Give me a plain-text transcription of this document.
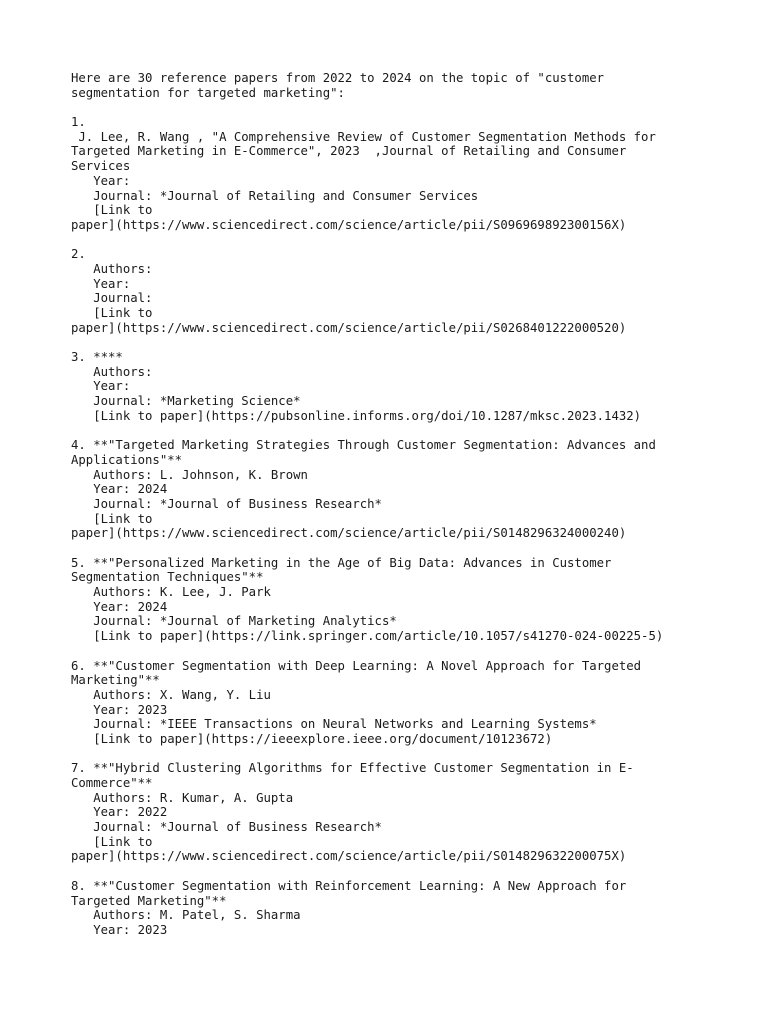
Here are 30 reference papers from 2022 to 2024 on the topic of "customer
segmentation for targeted marketing":
1.
J. Lee, R. Wang , "A Comprehensive Review of Customer Segmentation Methods for
Targeted Marketing in E-Commerce", 2023  ,Journal of Retailing and Consumer
Services
Year:
Journal: *Journal of Retailing and Consumer Services
[Link to
paper](https://www.sciencedirect.com/science/article/pii/S096969892300156X)
2.
Authors:
Year:
Journal:
[Link to
paper](https://www.sciencedirect.com/science/article/pii/S0268401222000520)
3. ****
Authors:
Year:
Journal: *Marketing Science*
[Link to paper](https://pubsonline.informs.org/doi/10.1287/mksc.2023.1432)
4. **"Targeted Marketing Strategies Through Customer Segmentation: Advances and
Applications"**
Authors: L. Johnson, K. Brown
Year: 2024
Journal: *Journal of Business Research*
[Link to
paper](https://www.sciencedirect.com/science/article/pii/S0148296324000240)
5. **"Personalized Marketing in the Age of Big Data: Advances in Customer
Segmentation Techniques"**
Authors: K. Lee, J. Park
Year: 2024
Journal: *Journal of Marketing Analytics*
[Link to paper](https://link.springer.com/article/10.1057/s41270-024-00225-5)
6. **"Customer Segmentation with Deep Learning: A Novel Approach for Targeted
Marketing"**
Authors: X. Wang, Y. Liu
Year: 2023
Journal: *IEEE Transactions on Neural Networks and Learning Systems*
[Link to paper](https://ieeexplore.ieee.org/document/10123672)
7. **"Hybrid Clustering Algorithms for Effective Customer Segmentation in E-
Commerce"**
Authors: R. Kumar, A. Gupta
Year: 2022
Journal: *Journal of Business Research*
[Link to
paper](https://www.sciencedirect.com/science/article/pii/S014829632200075X)
8. **"Customer Segmentation with Reinforcement Learning: A New Approach for
Targeted Marketing"**
Authors: M. Patel, S. Sharma
Year: 2023
